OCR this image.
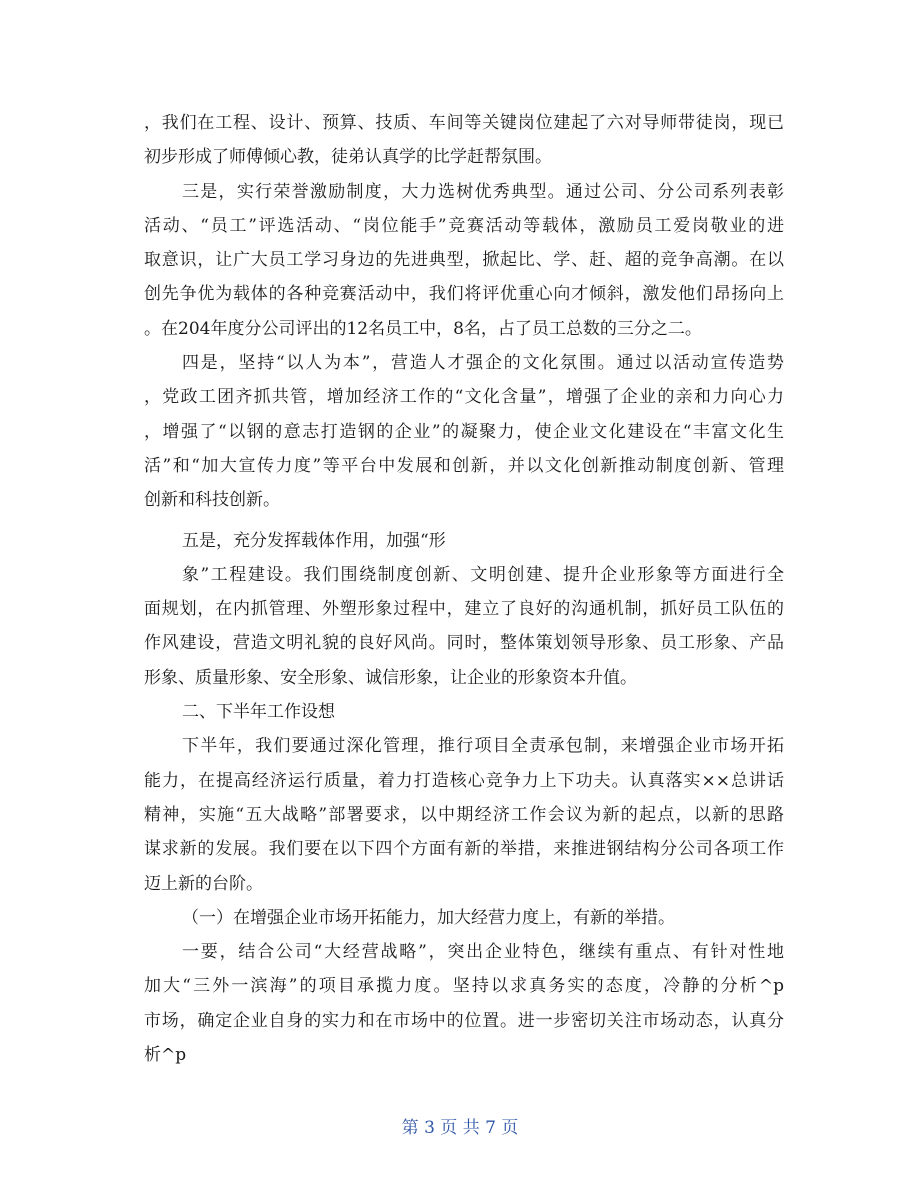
，我们在工程、设计、预算、技质、车间等关键岗位建起了六对导师带徒岗，现已
初步形成了师傅倾心教，徒弟认真学的比学赶帮氛围。
三是，实行荣誉激励制度，大力选树优秀典型。通过公司、分公司系列表彰
活动、“员工”评选活动、“岗位能手”竞赛活动等载体，激励员工爱岗敬业的进
取意识，让广大员工学习身边的先进典型，掀起比、学、赶、超的竞争高潮。在以
创先争优为载体的各种竞赛活动中，我们将评优重心向才倾斜，激发他们昂扬向上
。在204年度分公司评出的12名员工中，8名，占了员工总数的三分之二。
四是，坚持“以人为本”，营造人才强企的文化氛围。通过以活动宣传造势
，党政工团齐抓共管，增加经济工作的“文化含量”，增强了企业的亲和力向心力
，增强了“以钢的意志打造钢的企业”的凝聚力，使企业文化建设在“丰富文化生
活”和“加大宣传力度”等平台中发展和创新，并以文化创新推动制度创新、管理
创新和科技创新。
五是，充分发挥载体作用，加强“形
象”工程建设。我们围绕制度创新、文明创建、提升企业形象等方面进行全
面规划，在内抓管理、外塑形象过程中，建立了良好的沟通机制，抓好员工队伍的
作风建设，营造文明礼貌的良好风尚。同时，整体策划领导形象、员工形象、产品
形象、质量形象、安全形象、诚信形象，让企业的形象资本升值。
二、下半年工作设想
下半年，我们要通过深化管理，推行项目全责承包制，来增强企业市场开拓
能力，在提高经济运行质量，着力打造核心竞争力上下功夫。认真落实××总讲话
精神，实施“五大战略”部署要求，以中期经济工作会议为新的起点，以新的思路
谋求新的发展。我们要在以下四个方面有新的举措，来推进钢结构分公司各项工作
迈上新的台阶。
（一）在增强企业市场开拓能力，加大经营力度上，有新的举措。
一要，结合公司“大经营战略”，突出企业特色，继续有重点、有针对性地
加大“三外一滨海”的项目承揽力度。坚持以求真务实的态度，冷静的分析^p
市场，确定企业自身的实力和在市场中的位置。进一步密切关注市场动态，认真分
析^p
第 3 页 共 7 页
